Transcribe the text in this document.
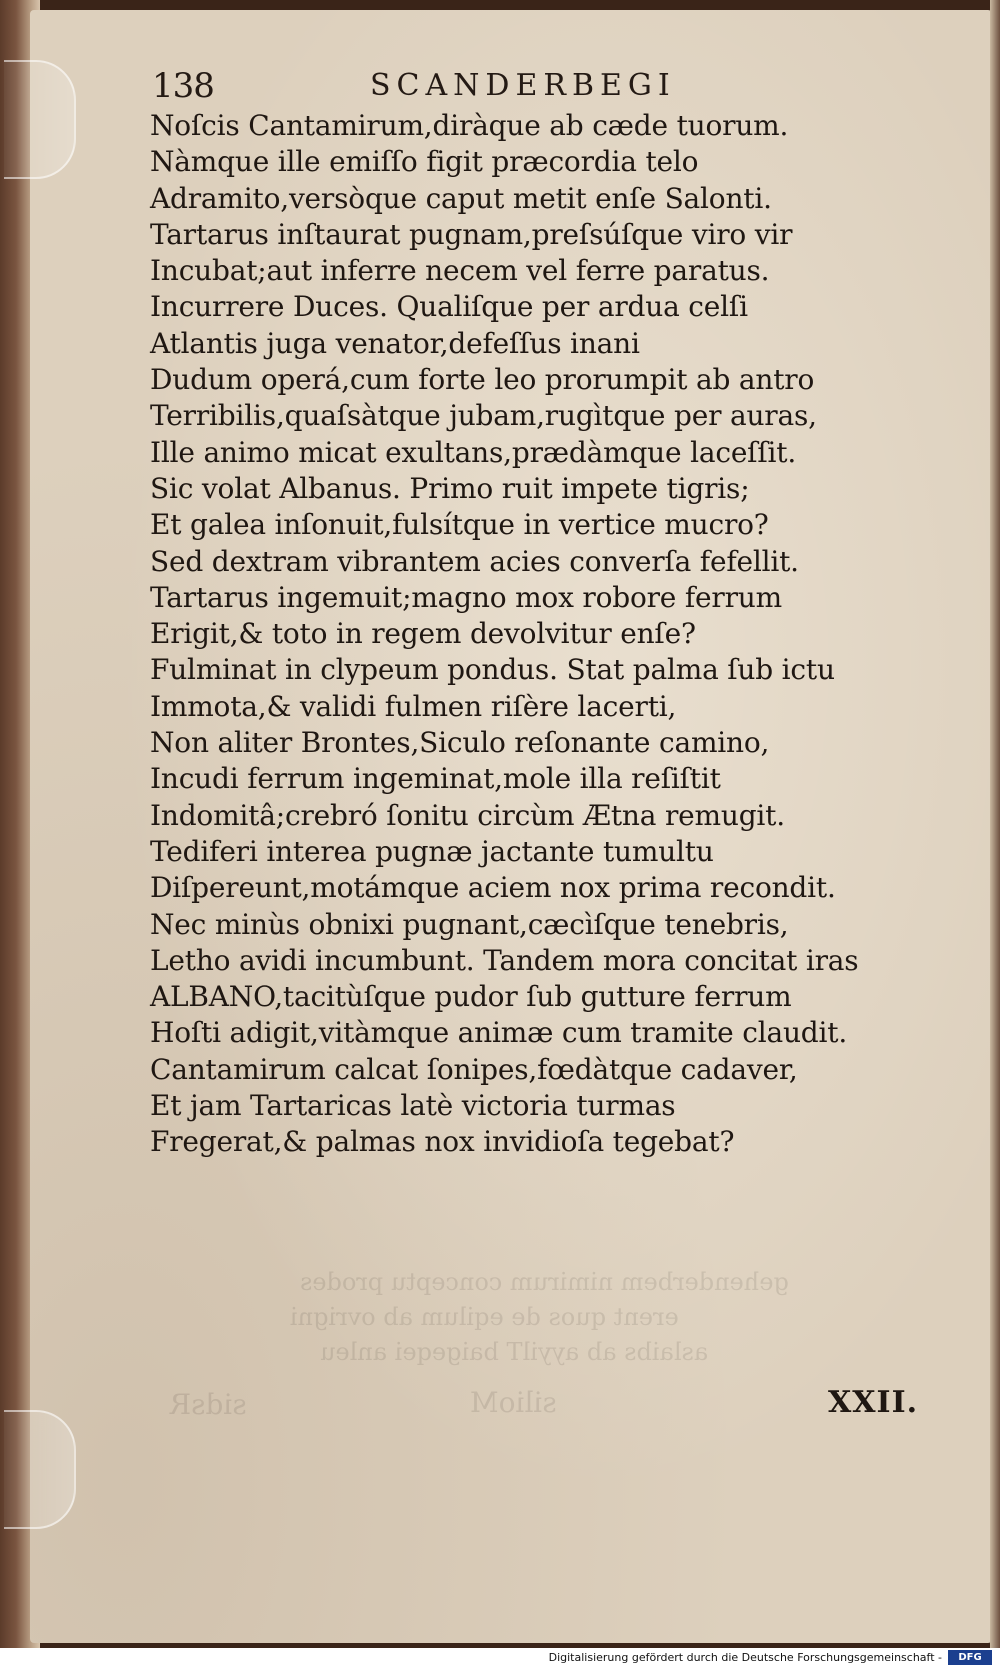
gehenderbem nimirum conceptu prodes
erent quos de eqilum ab ovrigni
aslaibs ab ayyilT baigeqei anleu
sidsR	silioM
138	SCANDERBEGI
Noſcis Cantamirum,diràque ab cæde tuorum.
Nàmque ille emiſſo figit præcordia telo
Adramito,versòque caput metit enſe Salonti.
Tartarus inſtaurat pugnam,preſsúſque viro vir
Incubat;aut inferre necem vel ferre paratus.
Incurrere Duces. Qualiſque per ardua celſi
Atlantis juga venator,defeſſus inani
Dudum operá,cum forte leo prorumpit ab antro
Terribilis,quaſsàtque jubam,rugìtque per auras,
Ille animo micat exultans,prædàmque laceſſit.
Sic volat Albanus. Primo ruit impete tigris;
Et galea inſonuit,fulsítque in vertice mucro?
Sed dextram vibrantem acies converſa fefellit.
Tartarus ingemuit;magno mox robore ferrum
Erigit,& toto in regem devolvitur enſe?
Fulminat in clypeum pondus. Stat palma ſub ictu
Immota,& validi fulmen riſère lacerti,
Non aliter Brontes,Siculo reſonante camino,
Incudi ferrum ingeminat,mole illa reſiſtit
Indomitâ;crebró ſonitu circùm Ætna remugit.
Tediferi interea pugnæ jactante tumultu
Diſpereunt,motámque aciem nox prima recondit.
Nec minùs obnixi pugnant,cæcìſque tenebris,
Letho avidi incumbunt. Tandem mora concitat iras
ALBANO,tacitùſque pudor ſub gutture ferrum
Hoſti adigit,vitàmque animæ cum tramite claudit.
Cantamirum calcat ſonipes,fœdàtque cadaver,
Et jam Tartaricas latè victoria turmas
Fregerat,& palmas nox invidioſa tegebat?
XXII.
Digitalisierung gefördert durch die Deutsche Forschungsgemeinschaft -	DFG
